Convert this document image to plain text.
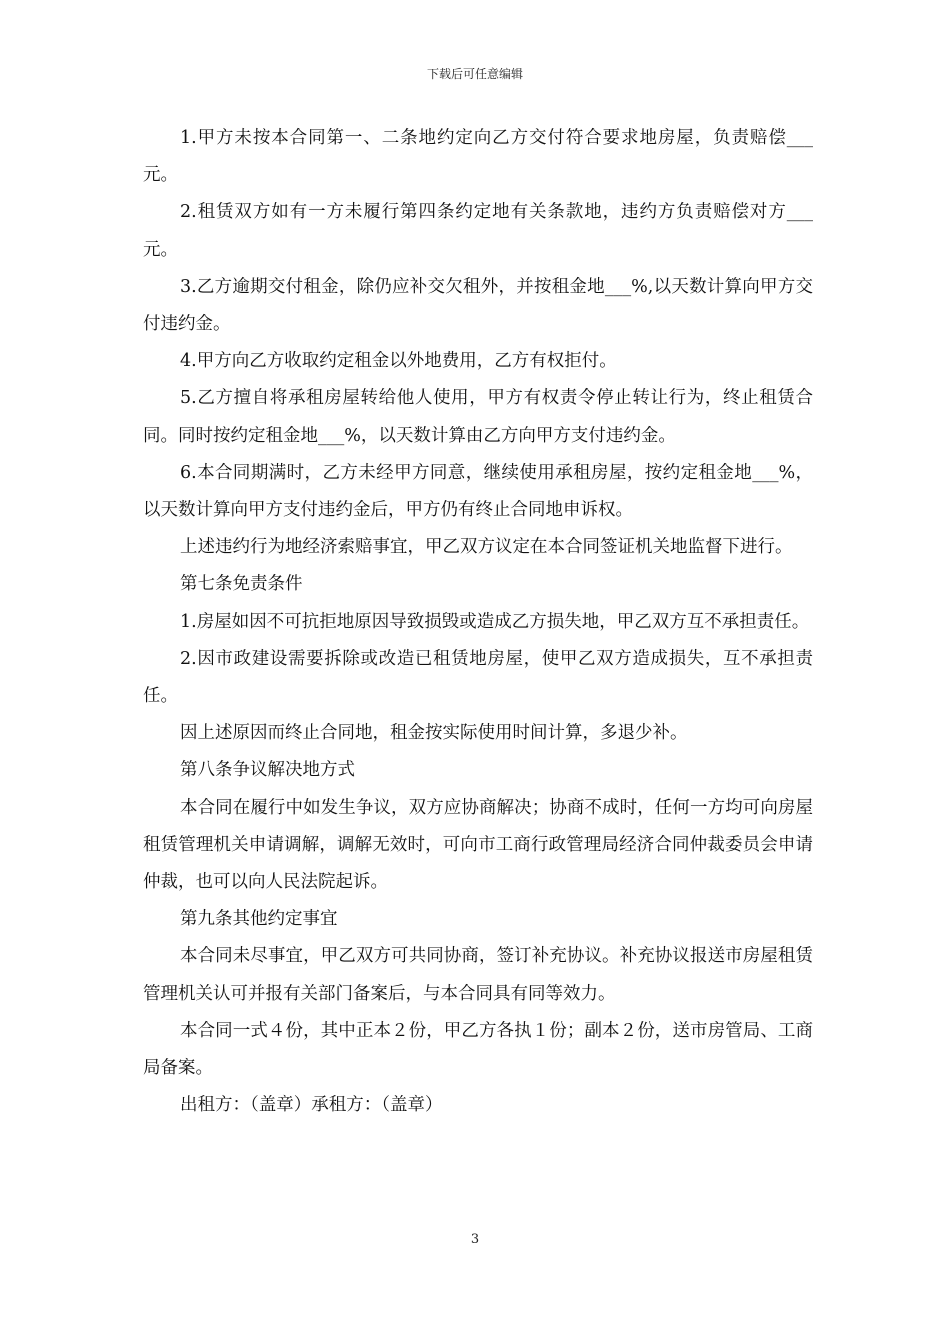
下载后可任意编辑

1.甲方未按本合同第一、二条地约定向乙方交付符合要求地房屋，负责赔偿___元。

2.租赁双方如有一方未履行第四条约定地有关条款地，违约方负责赔偿对方___元。

3.乙方逾期交付租金，除仍应补交欠租外，并按租金地___%,以天数计算向甲方交付违约金。

4.甲方向乙方收取约定租金以外地费用，乙方有权拒付。

5.乙方擅自将承租房屋转给他人使用，甲方有权责令停止转让行为，终止租赁合同。同时按约定租金地___%，以天数计算由乙方向甲方支付违约金。

6.本合同期满时，乙方未经甲方同意，继续使用承租房屋，按约定租金地___%，以天数计算向甲方支付违约金后，甲方仍有终止合同地申诉权。

上述违约行为地经济索赔事宜，甲乙双方议定在本合同签证机关地监督下进行。

第七条免责条件

1.房屋如因不可抗拒地原因导致损毁或造成乙方损失地，甲乙双方互不承担责任。

2.因市政建设需要拆除或改造已租赁地房屋，使甲乙双方造成损失，互不承担责任。

因上述原因而终止合同地，租金按实际使用时间计算，多退少补。

第八条争议解决地方式

本合同在履行中如发生争议，双方应协商解决；协商不成时，任何一方均可向房屋租赁管理机关申请调解，调解无效时，可向市工商行政管理局经济合同仲裁委员会申请仲裁，也可以向人民法院起诉。

第九条其他约定事宜

本合同未尽事宜，甲乙双方可共同协商，签订补充协议。补充协议报送市房屋租赁管理机关认可并报有关部门备案后，与本合同具有同等效力。

本合同一式４份，其中正本２份，甲乙方各执１份；副本２份，送市房管局、工商局备案。

出租方：（盖章）承租方：（盖章）

3
